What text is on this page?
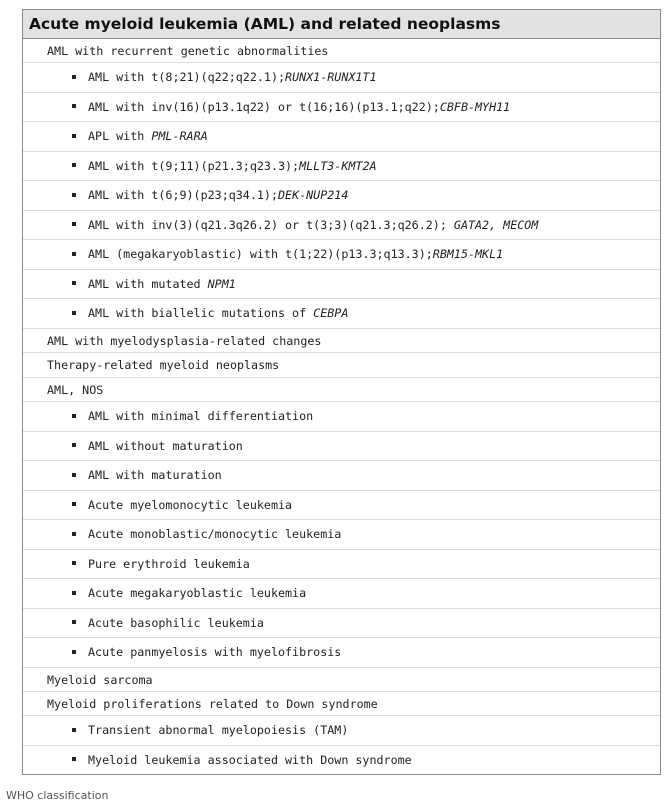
Acute myeloid leukemia (AML) and related neoplasms
AML with recurrent genetic abnormalities
AML with t(8;21)(q22;q22.1);RUNX1-RUNX1T1
AML with inv(16)(p13.1q22) or t(16;16)(p13.1;q22);CBFB-MYH11
APL with PML-RARA
AML with t(9;11)(p21.3;q23.3);MLLT3-KMT2A
AML with t(6;9)(p23;q34.1);DEK-NUP214
AML with inv(3)(q21.3q26.2) or t(3;3)(q21.3;q26.2); GATA2, MECOM
AML (megakaryoblastic) with t(1;22)(p13.3;q13.3);RBM15-MKL1
AML with mutated NPM1
AML with biallelic mutations of CEBPA
AML with myelodysplasia-related changes
Therapy-related myeloid neoplasms
AML, NOS
AML with minimal differentiation
AML without maturation
AML with maturation
Acute myelomonocytic leukemia
Acute monoblastic/monocytic leukemia
Pure erythroid leukemia
Acute megakaryoblastic leukemia
Acute basophilic leukemia
Acute panmyelosis with myelofibrosis
Myeloid sarcoma
Myeloid proliferations related to Down syndrome
Transient abnormal myelopoiesis (TAM)
Myeloid leukemia associated with Down syndrome
WHO classification
